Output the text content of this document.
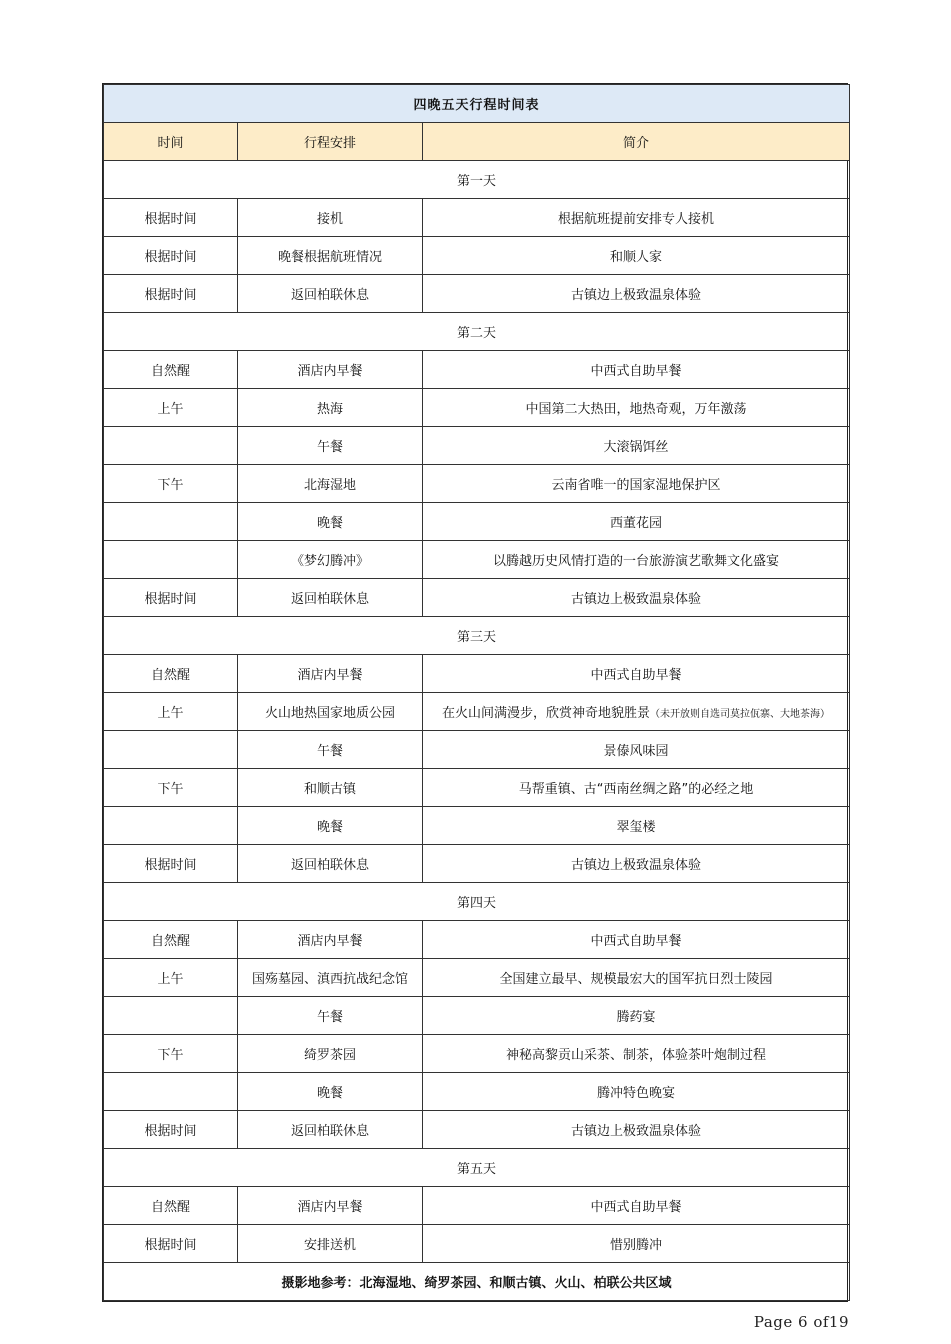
四晚五天行程时间表		
时间	行程安排	简介
第一天		
根据时间	接机	根据航班提前安排专人接机
根据时间	晚餐根据航班情况	和顺人家
根据时间	返回柏联休息	古镇边上极致温泉体验
第二天		
自然醒	酒店内早餐	中西式自助早餐
上午	热海	中国第二大热田，地热奇观，万年激荡
	午餐	大滚锅饵丝
下午	北海湿地	云南省唯一的国家湿地保护区
	晚餐	西董花园
	《梦幻腾冲》	以腾越历史风情打造的一台旅游演艺歌舞文化盛宴
根据时间	返回柏联休息	古镇边上极致温泉体验
第三天		
自然醒	酒店内早餐	中西式自助早餐
上午	火山地热国家地质公园	在火山间满漫步，欣赏神奇地貌胜景（未开放则自选司莫拉佤寨、大地茶海）
	午餐	景傣风味园
下午	和顺古镇	马帮重镇、古“西南丝绸之路”的必经之地
	晚餐	翠玺楼
根据时间	返回柏联休息	古镇边上极致温泉体验
第四天		
自然醒	酒店内早餐	中西式自助早餐
上午	国殇墓园、滇西抗战纪念馆	全国建立最早、规模最宏大的国军抗日烈士陵园
	午餐	腾药宴
下午	绮罗茶园	神秘高黎贡山采茶、制茶，体验茶叶炮制过程
	晚餐	腾冲特色晚宴
根据时间	返回柏联休息	古镇边上极致温泉体验
第五天		
自然醒	酒店内早餐	中西式自助早餐
根据时间	安排送机	惜别腾冲
摄影地参考：北海湿地、绮罗茶园、和顺古镇、火山、柏联公共区域		
Page 6 of19
